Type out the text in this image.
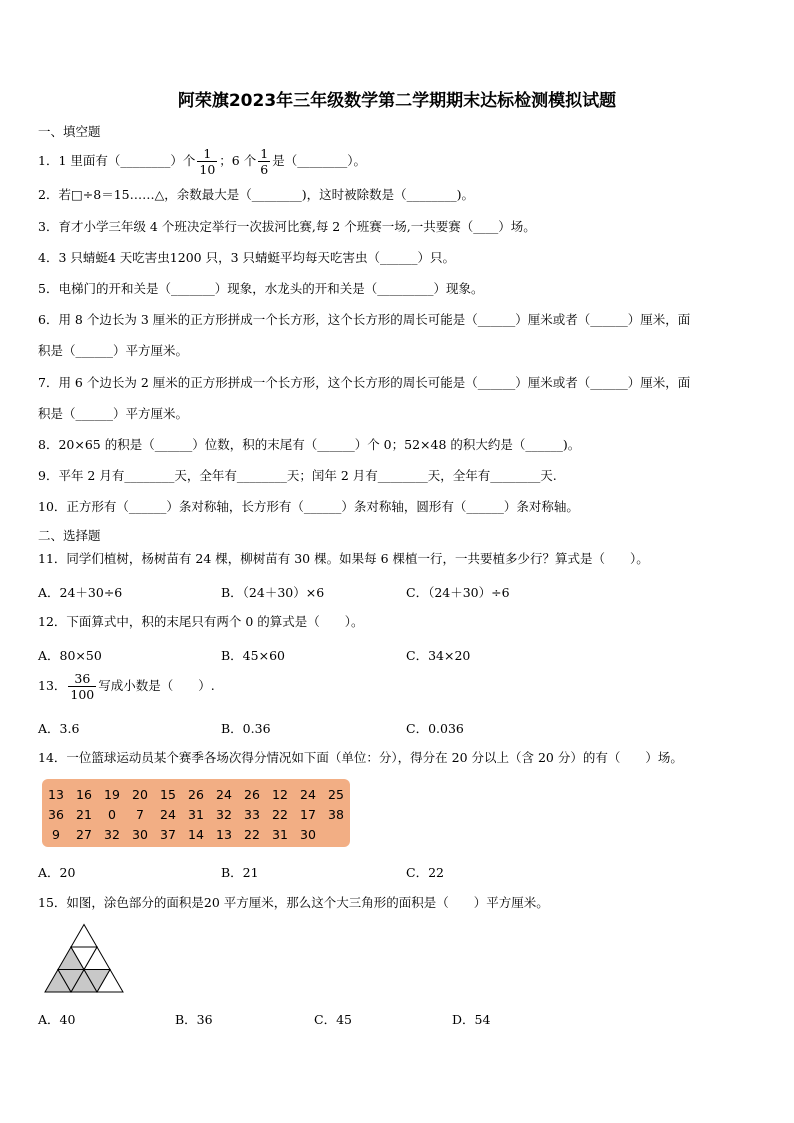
阿荣旗2023年三年级数学第二学期期末达标检测模拟试题
一、填空题
1．1 里面有（________）个 $\frac{1}{10}$ ；6 个 $\frac{1}{6}$ 是（________）。
2．若□÷8＝15……△，余数最大是（________)，这时被除数是（________)。
3．育才小学三年级 4 个班决定举行一次拔河比赛,每 2 个班赛一场,一共要赛（____）场。
4．3 只蜻蜓4 天吃害虫1200 只，3 只蜻蜓平均每天吃害虫（______）只。
5．电梯门的开和关是（_______）现象，水龙头的开和关是（_________）现象。
6．用 8 个边长为 3 厘米的正方形拼成一个长方形，这个长方形的周长可能是（______）厘米或者（______）厘米，面
积是（______）平方厘米。
7．用 6 个边长为 2 厘米的正方形拼成一个长方形，这个长方形的周长可能是（______）厘米或者（______）厘米，面
积是（______）平方厘米。
8．20×65 的积是（______）位数，积的末尾有（______）个 0；52×48 的积大约是（______)。
9．平年 2 月有________天，全年有________天；闰年 2 月有________天，全年有________天.
10．正方形有（______）条对称轴，长方形有（______）条对称轴，圆形有（______）条对称轴。
二、选择题
11．同学们植树，杨树苗有 24 棵，柳树苗有 30 棵。如果每 6 棵植一行，一共要植多少行？算式是（　　）。
A．24＋30÷6	B．（24＋30）×6	C．（24＋30）÷6
12．下面算式中，积的末尾只有两个 0 的算式是（　　）。
A．80×50	B．45×60	C．34×20
13． $\frac{36}{100}$ 写成小数是（　　）.
A．3.6	B．0.36	C．0.036
14．一位篮球运动员某个赛季各场次得分情况如下面（单位：分），得分在 20 分以上（含 20 分）的有（　　）场。
13 16 19 20 15 26 24 26 12 24 25
36 21	0	7	24 31 32 33 22 17 38
9	27 32 30 37 14 13 22 31 30
A．20	B．21	C．22
15．如图，涂色部分的面积是20 平方厘米，那么这个大三角形的面积是（　　）平方厘米。
A．40	B．36	C．45	D．54
